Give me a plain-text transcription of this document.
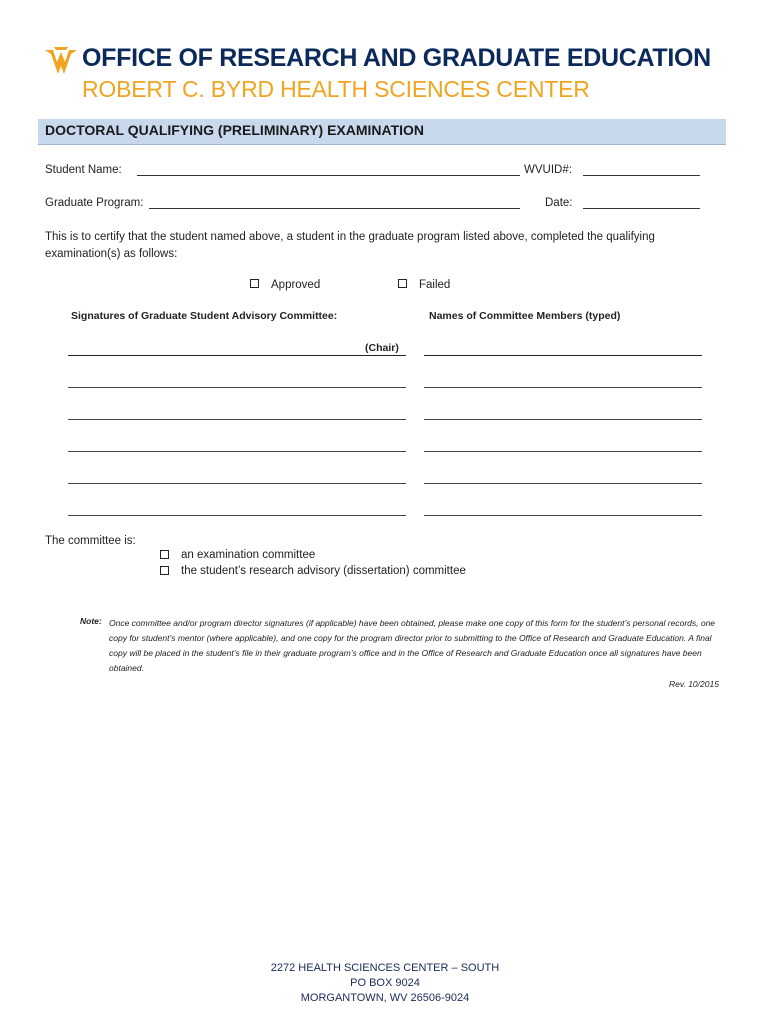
OFFICE OF RESEARCH AND GRADUATE EDUCATION
ROBERT C. BYRD HEALTH SCIENCES CENTER
DOCTORAL QUALIFYING (PRELIMINARY) EXAMINATION
Student Name:	WVUID#:
Graduate Program:	Date:
This is to certify that the student named above, a student in the graduate program listed above, completed the qualifying examination(s) as follows:
Approved	Failed
Signatures of Graduate Student Advisory Committee:	Names of Committee Members (typed)
(Chair)
The committee is:
an examination committee
the student’s research advisory (dissertation) committee
Note: Once committee and/or program director signatures (if applicable) have been obtained, please make one copy of this form for the student’s personal records, one copy for student’s mentor (where applicable), and one copy for the program director prior to submitting to the Office of Research and Graduate Education. A final copy will be placed in the student’s file in their graduate program’s office and in the Office of Research and Graduate Education once all signatures have been obtained.
Rev. 10/2015
2272 HEALTH SCIENCES CENTER – SOUTH
PO BOX 9024
MORGANTOWN, WV 26506-9024
